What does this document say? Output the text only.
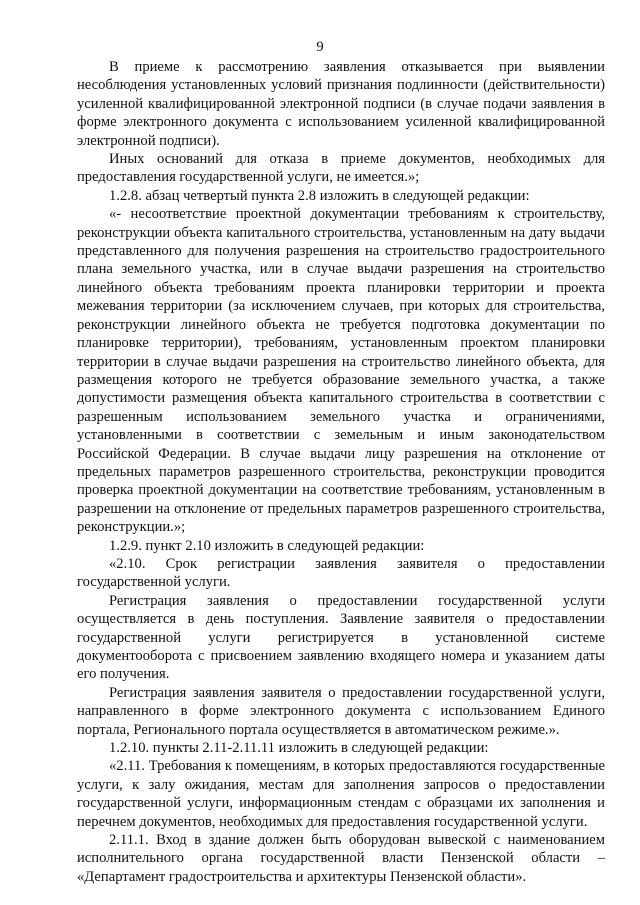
9

В приеме к рассмотрению заявления отказывается при выявлении несоблюдения установленных условий признания подлинности (действительности) усиленной квалифицированной электронной подписи (в случае подачи заявления в форме электронного документа с использованием усиленной квалифицированной электронной подписи).

Иных оснований для отказа в приеме документов, необходимых для предоставления государственной услуги, не имеется.»;

1.2.8. абзац четвертый пункта 2.8 изложить в следующей редакции:

«- несоответствие проектной документации требованиям к строительству, реконструкции объекта капитального строительства, установленным на дату выдачи представленного для получения разрешения на строительство градостроительного плана земельного участка, или в случае выдачи разрешения на строительство линейного объекта требованиям проекта планировки территории и проекта межевания территории (за исключением случаев, при которых для строительства, реконструкции линейного объекта не требуется подготовка документации по планировке территории), требованиям, установленным проектом планировки территории в случае выдачи разрешения на строительство линейного объекта, для размещения которого не требуется образование земельного участка, а также допустимости размещения объекта капитального строительства в соответствии с разрешенным использованием земельного участка и ограничениями, установленными в соответствии с земельным и иным законодательством Российской Федерации. В случае выдачи лицу разрешения на отклонение от предельных параметров разрешенного строительства, реконструкции проводится проверка проектной документации на соответствие требованиям, установленным в разрешении на отклонение от предельных параметров разрешенного строительства, реконструкции.»;

1.2.9. пункт 2.10 изложить в следующей редакции:

«2.10. Срок регистрации заявления заявителя о предоставлении государственной услуги.

Регистрация заявления о предоставлении государственной услуги осуществляется в день поступления. Заявление заявителя о предоставлении государственной услуги регистрируется в установленной системе документооборота с присвоением заявлению входящего номера и указанием даты его получения.

Регистрация заявления заявителя о предоставлении государственной услуги, направленного в форме электронного документа с использованием Единого портала, Регионального портала осуществляется в автоматическом режиме.».

1.2.10. пункты 2.11-2.11.11 изложить в следующей редакции:

«2.11. Требования к помещениям, в которых предоставляются государственные услуги, к залу ожидания, местам для заполнения запросов о предоставлении государственной услуги, информационным стендам с образцами их заполнения и перечнем документов, необходимых для предоставления государственной услуги.

2.11.1. Вход в здание должен быть оборудован вывеской с наименованием исполнительного органа государственной власти Пензенской области – «Департамент градостроительства и архитектуры Пензенской области».
